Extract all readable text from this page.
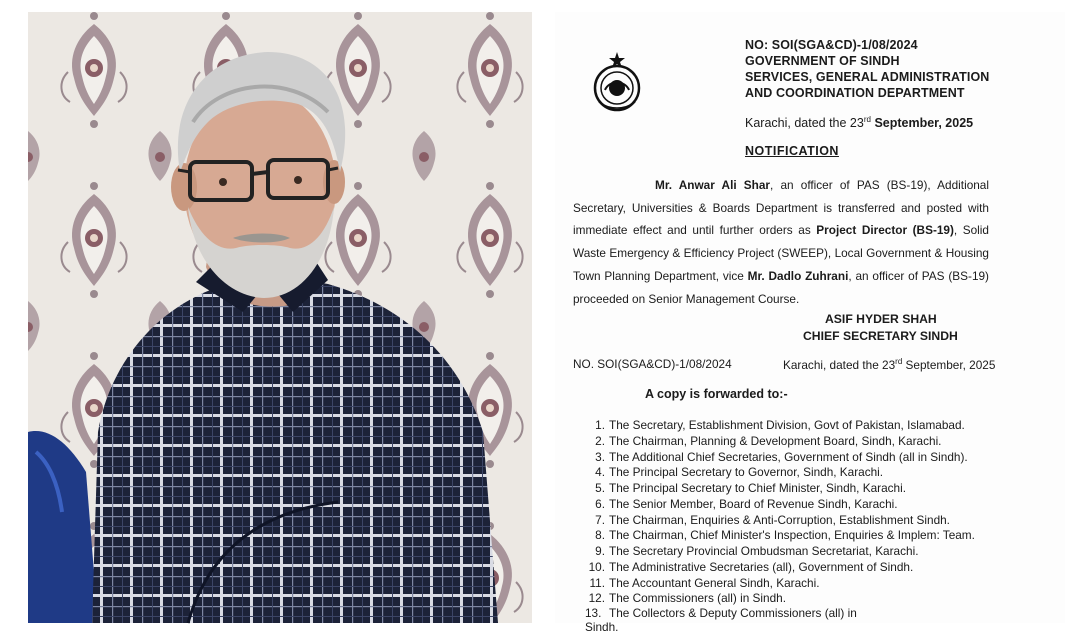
NO: SOI(SGA&CD)-1/08/2024
GOVERNMENT OF SINDH
SERVICES, GENERAL ADMINISTRATION
AND COORDINATION DEPARTMENT
Karachi, dated the 23rd September, 2025
NOTIFICATION
Mr. Anwar Ali Shar, an officer of PAS (BS-19), Additional Secretary, Universities & Boards Department is transferred and posted with immediate effect and until further orders as Project Director (BS-19), Solid Waste Emergency & Efficiency Project (SWEEP), Local Government & Housing Town Planning Department, vice Mr. Dadlo Zuhrani, an officer of PAS (BS-19) proceeded on Senior Management Course.
ASIF HYDER SHAH
CHIEF SECRETARY SINDH
NO. SOI(SGA&CD)-1/08/2024	Karachi, dated the 23rd September, 2025
A copy is forwarded to:-
1. The Secretary, Establishment Division, Govt of Pakistan, Islamabad.
2. The Chairman, Planning & Development Board, Sindh, Karachi.
3. The Additional Chief Secretaries, Government of Sindh (all in Sindh).
4. The Principal Secretary to Governor, Sindh, Karachi.
5. The Principal Secretary to Chief Minister, Sindh, Karachi.
6. The Senior Member, Board of Revenue Sindh, Karachi.
7. The Chairman, Enquiries & Anti-Corruption, Establishment Sindh.
8. The Chairman, Chief Minister's Inspection, Enquiries & Implem: Team.
9. The Secretary Provincial Ombudsman Secretariat, Karachi.
10. The Administrative Secretaries (all), Government of Sindh.
11. The Accountant General Sindh, Karachi.
12. The Commissioners (all) in Sindh.
13. The Collectors & Deputy Commissioners (all) in Sindh.
